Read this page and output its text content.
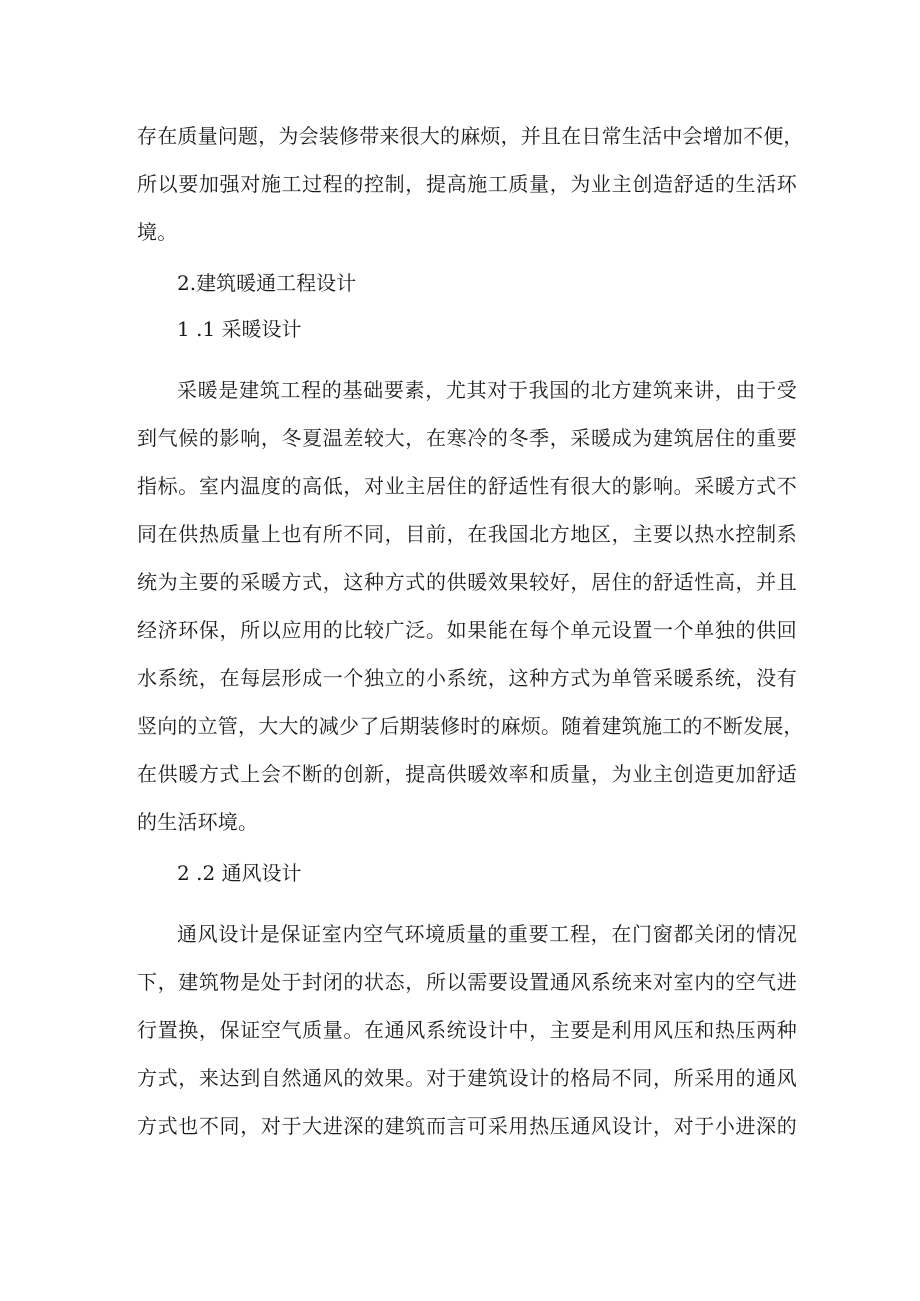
存在质量问题，为会装修带来很大的麻烦，并且在日常生活中会增加不便，
所以要加强对施工过程的控制，提高施工质量，为业主创造舒适的生活环
境。
2.建筑暖通工程设计
1 .1 采暖设计
采暖是建筑工程的基础要素，尤其对于我国的北方建筑来讲，由于受
到气候的影响，冬夏温差较大，在寒冷的冬季，采暖成为建筑居住的重要
指标。室内温度的高低，对业主居住的舒适性有很大的影响。采暖方式不
同在供热质量上也有所不同，目前，在我国北方地区，主要以热水控制系
统为主要的采暖方式，这种方式的供暖效果较好，居住的舒适性高，并且
经济环保，所以应用的比较广泛。如果能在每个单元设置一个单独的供回
水系统，在每层形成一个独立的小系统，这种方式为单管采暖系统，没有
竖向的立管，大大的减少了后期装修时的麻烦。随着建筑施工的不断发展，
在供暖方式上会不断的创新，提高供暖效率和质量，为业主创造更加舒适
的生活环境。
2 .2 通风设计
通风设计是保证室内空气环境质量的重要工程，在门窗都关闭的情况
下，建筑物是处于封闭的状态，所以需要设置通风系统来对室内的空气进
行置换，保证空气质量。在通风系统设计中，主要是利用风压和热压两种
方式，来达到自然通风的效果。对于建筑设计的格局不同，所采用的通风
方式也不同，对于大进深的建筑而言可采用热压通风设计，对于小进深的
